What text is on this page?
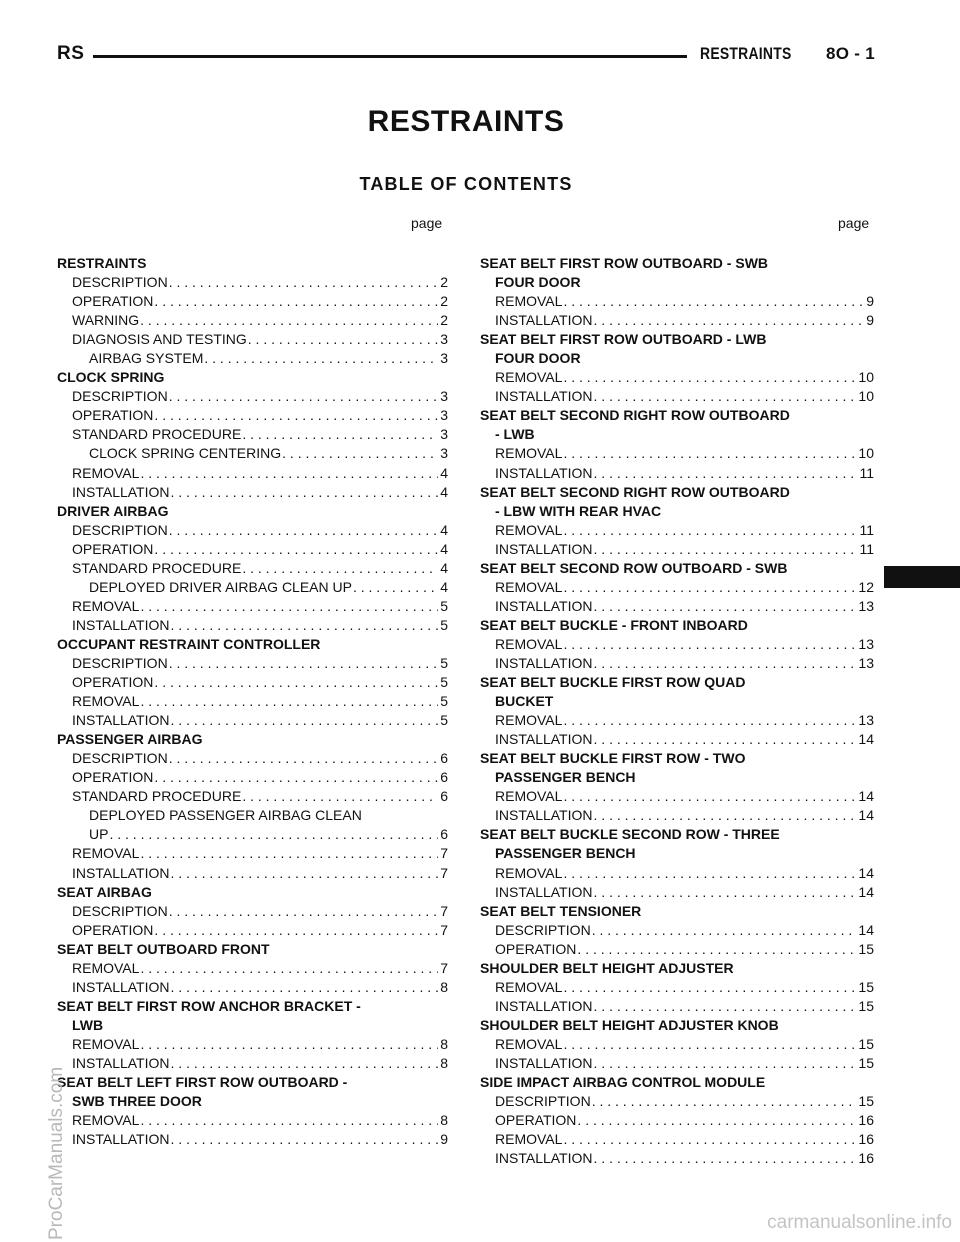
RS	RESTRAINTS 8O - 1
RESTRAINTS
TABLE OF CONTENTS
page	page
RESTRAINTS
DESCRIPTION . . .	2
OPERATION . . .	2
WARNING . . .	2
DIAGNOSIS AND TESTING . . .	3
AIRBAG SYSTEM . . .	3
CLOCK SPRING
DESCRIPTION . . .	3
OPERATION . . .	3
STANDARD PROCEDURE . . .	3
CLOCK SPRING CENTERING . . .	3
REMOVAL . . .	4
INSTALLATION . . .	4
DRIVER AIRBAG
DESCRIPTION . . .	4
OPERATION . . .	4
STANDARD PROCEDURE . . .	4
DEPLOYED DRIVER AIRBAG CLEAN UP . . .	4
REMOVAL . . .	5
INSTALLATION . . .	5
OCCUPANT RESTRAINT CONTROLLER
DESCRIPTION . . .	5
OPERATION . . .	5
REMOVAL . . .	5
INSTALLATION . . .	5
PASSENGER AIRBAG
DESCRIPTION . . .	6
OPERATION . . .	6
STANDARD PROCEDURE . . .	6
DEPLOYED PASSENGER AIRBAG CLEAN
UP . . .	6
REMOVAL . . .	7
INSTALLATION . . .	7
SEAT AIRBAG
DESCRIPTION . . .	7
OPERATION . . .	7
SEAT BELT OUTBOARD FRONT
REMOVAL . . .	7
INSTALLATION . . .	8
SEAT BELT FIRST ROW ANCHOR BRACKET -
LWB
REMOVAL . . .	8
INSTALLATION . . .	8
SEAT BELT LEFT FIRST ROW OUTBOARD -
SWB THREE DOOR
REMOVAL . . .	8
INSTALLATION . . .	9
SEAT BELT FIRST ROW OUTBOARD - SWB
FOUR DOOR
REMOVAL . . .	9
INSTALLATION . . .	9
SEAT BELT FIRST ROW OUTBOARD - LWB
FOUR DOOR
REMOVAL . . .	10
INSTALLATION . . .	10
SEAT BELT SECOND RIGHT ROW OUTBOARD
- LWB
REMOVAL . . .	10
INSTALLATION . . .	11
SEAT BELT SECOND RIGHT ROW OUTBOARD
- LBW WITH REAR HVAC
REMOVAL . . .	11
INSTALLATION . . .	11
SEAT BELT SECOND ROW OUTBOARD - SWB
REMOVAL . . .	12
INSTALLATION . . .	13
SEAT BELT BUCKLE - FRONT INBOARD
REMOVAL . . .	13
INSTALLATION . . .	13
SEAT BELT BUCKLE FIRST ROW QUAD
BUCKET
REMOVAL . . .	13
INSTALLATION . . .	14
SEAT BELT BUCKLE FIRST ROW - TWO
PASSENGER BENCH
REMOVAL . . .	14
INSTALLATION . . .	14
SEAT BELT BUCKLE SECOND ROW - THREE
PASSENGER BENCH
REMOVAL . . .	14
INSTALLATION . . .	14
SEAT BELT TENSIONER
DESCRIPTION . . .	14
OPERATION . . .	15
SHOULDER BELT HEIGHT ADJUSTER
REMOVAL . . .	15
INSTALLATION . . .	15
SHOULDER BELT HEIGHT ADJUSTER KNOB
REMOVAL . . .	15
INSTALLATION . . .	15
SIDE IMPACT AIRBAG CONTROL MODULE
DESCRIPTION . . .	15
OPERATION . . .	16
REMOVAL . . .	16
INSTALLATION . . .	16
ProCarManuals.com	carmanualsonline.info
